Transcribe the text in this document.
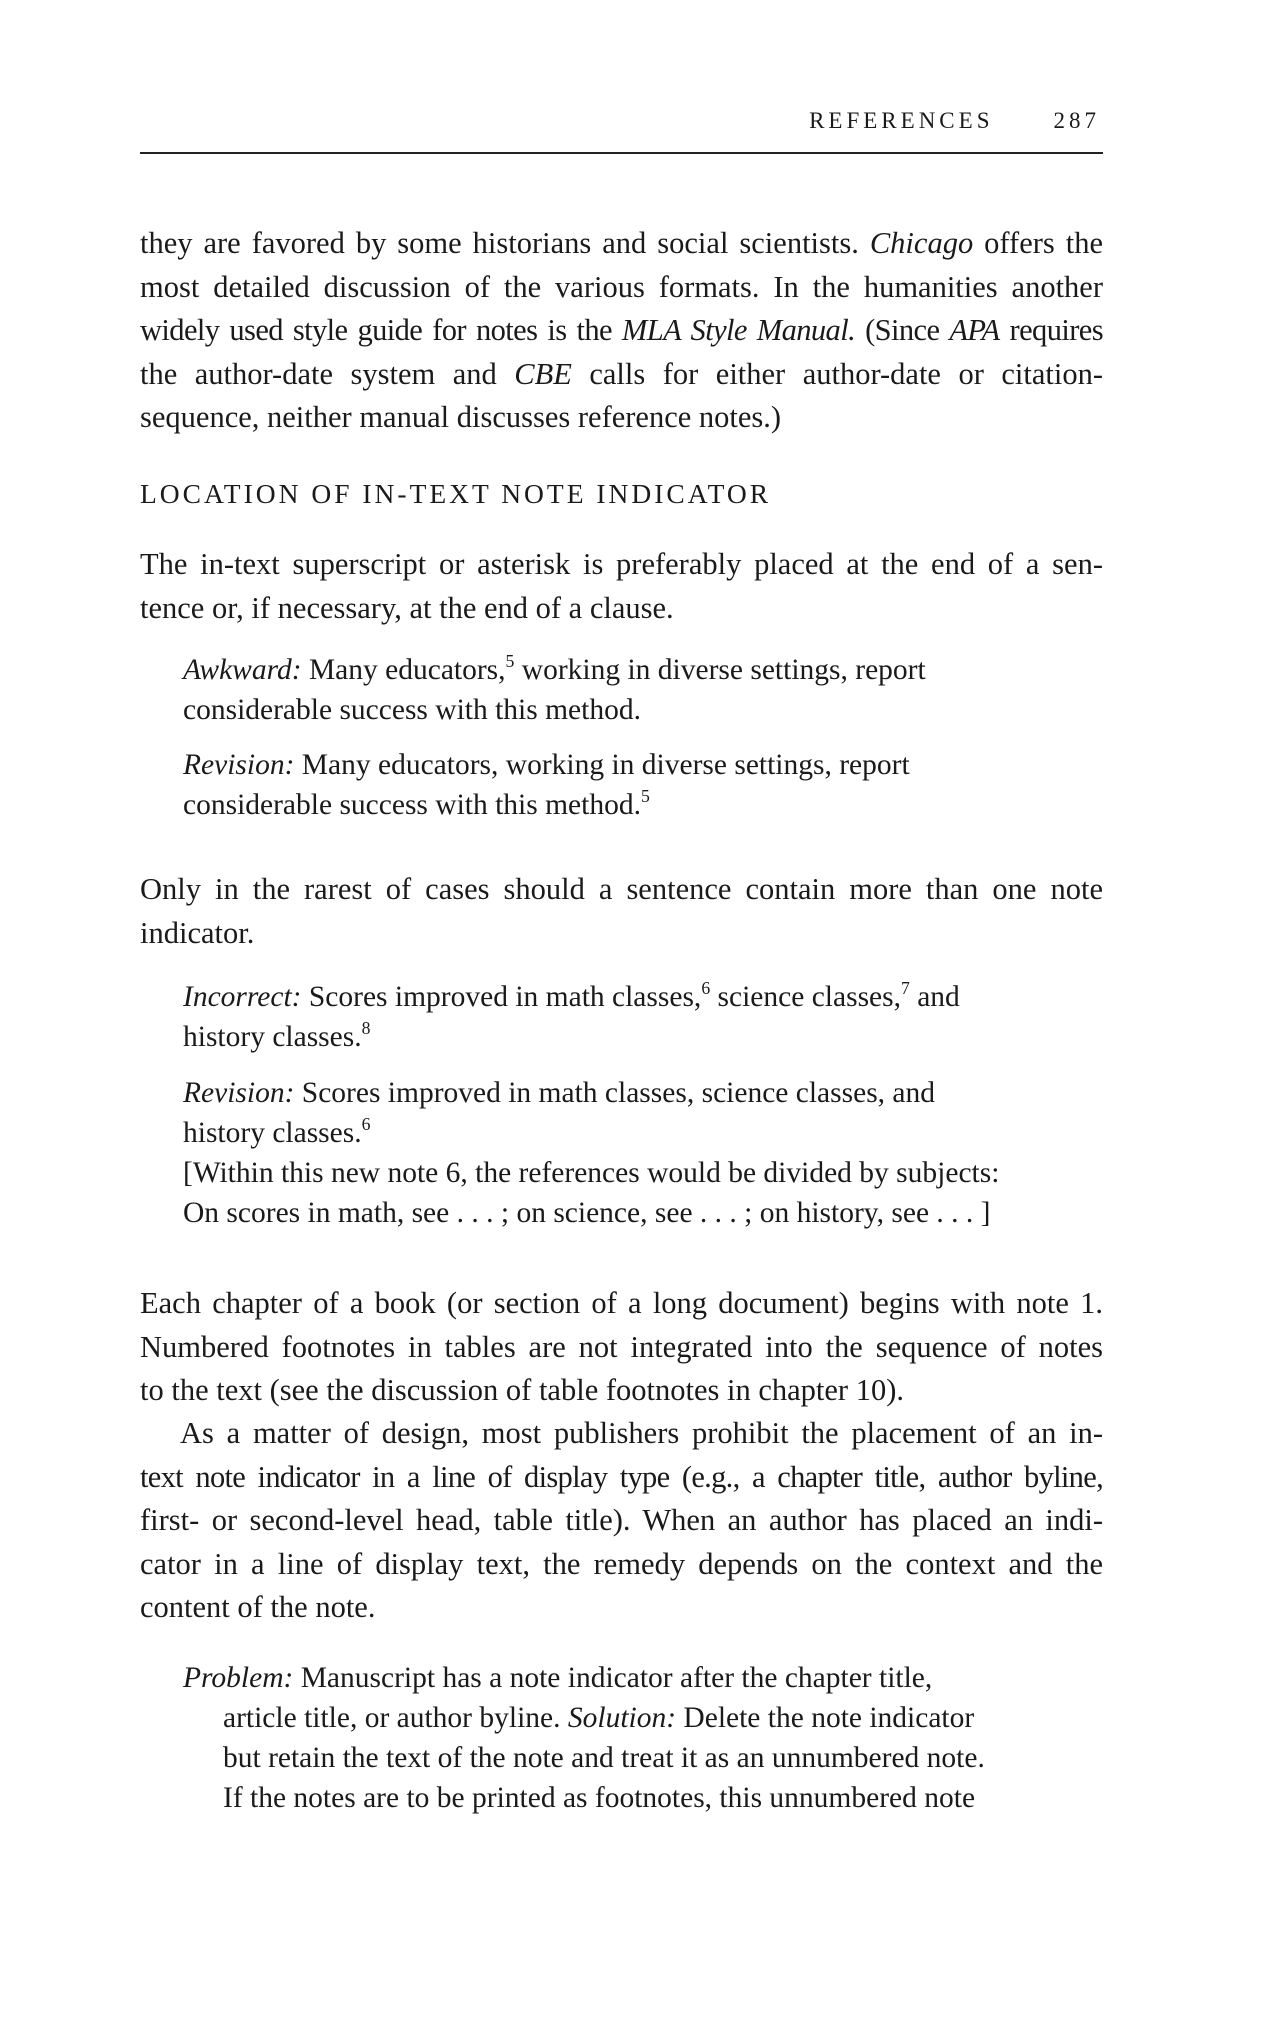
REFERENCES	287
they are favored by some historians and social scientists. Chicago offers the
most detailed discussion of the various formats. In the humanities another
widely used style guide for notes is the MLA Style Manual. (Since APA requires
the author-date system and CBE calls for either author-date or citation-
sequence, neither manual discusses reference notes.)
LOCATION OF IN-TEXT NOTE INDICATOR
The in-text superscript or asterisk is preferably placed at the end of a sen-
tence or, if necessary, at the end of a clause.
Awkward: Many educators,$^5$ working in diverse settings, report
considerable success with this method.
Revision: Many educators, working in diverse settings, report
considerable success with this method.$^5$
Only in the rarest of cases should a sentence contain more than one note
indicator.
Incorrect: Scores improved in math classes,$^6$ science classes,$^7$ and
history classes.$^8$
Revision: Scores improved in math classes, science classes, and
history classes.$^6$
[Within this new note 6, the references would be divided by subjects:
On scores in math, see . . . ; on science, see . . . ; on history, see . . . ]
Each chapter of a book (or section of a long document) begins with note 1.
Numbered footnotes in tables are not integrated into the sequence of notes
to the text (see the discussion of table footnotes in chapter 10).
As a matter of design, most publishers prohibit the placement of an in-
text note indicator in a line of display type (e.g., a chapter title, author byline,
first- or second-level head, table title). When an author has placed an indi-
cator in a line of display text, the remedy depends on the context and the
content of the note.
Problem: Manuscript has a note indicator after the chapter title,
article title, or author byline. Solution: Delete the note indicator
but retain the text of the note and treat it as an unnumbered note.
If the notes are to be printed as footnotes, this unnumbered note
